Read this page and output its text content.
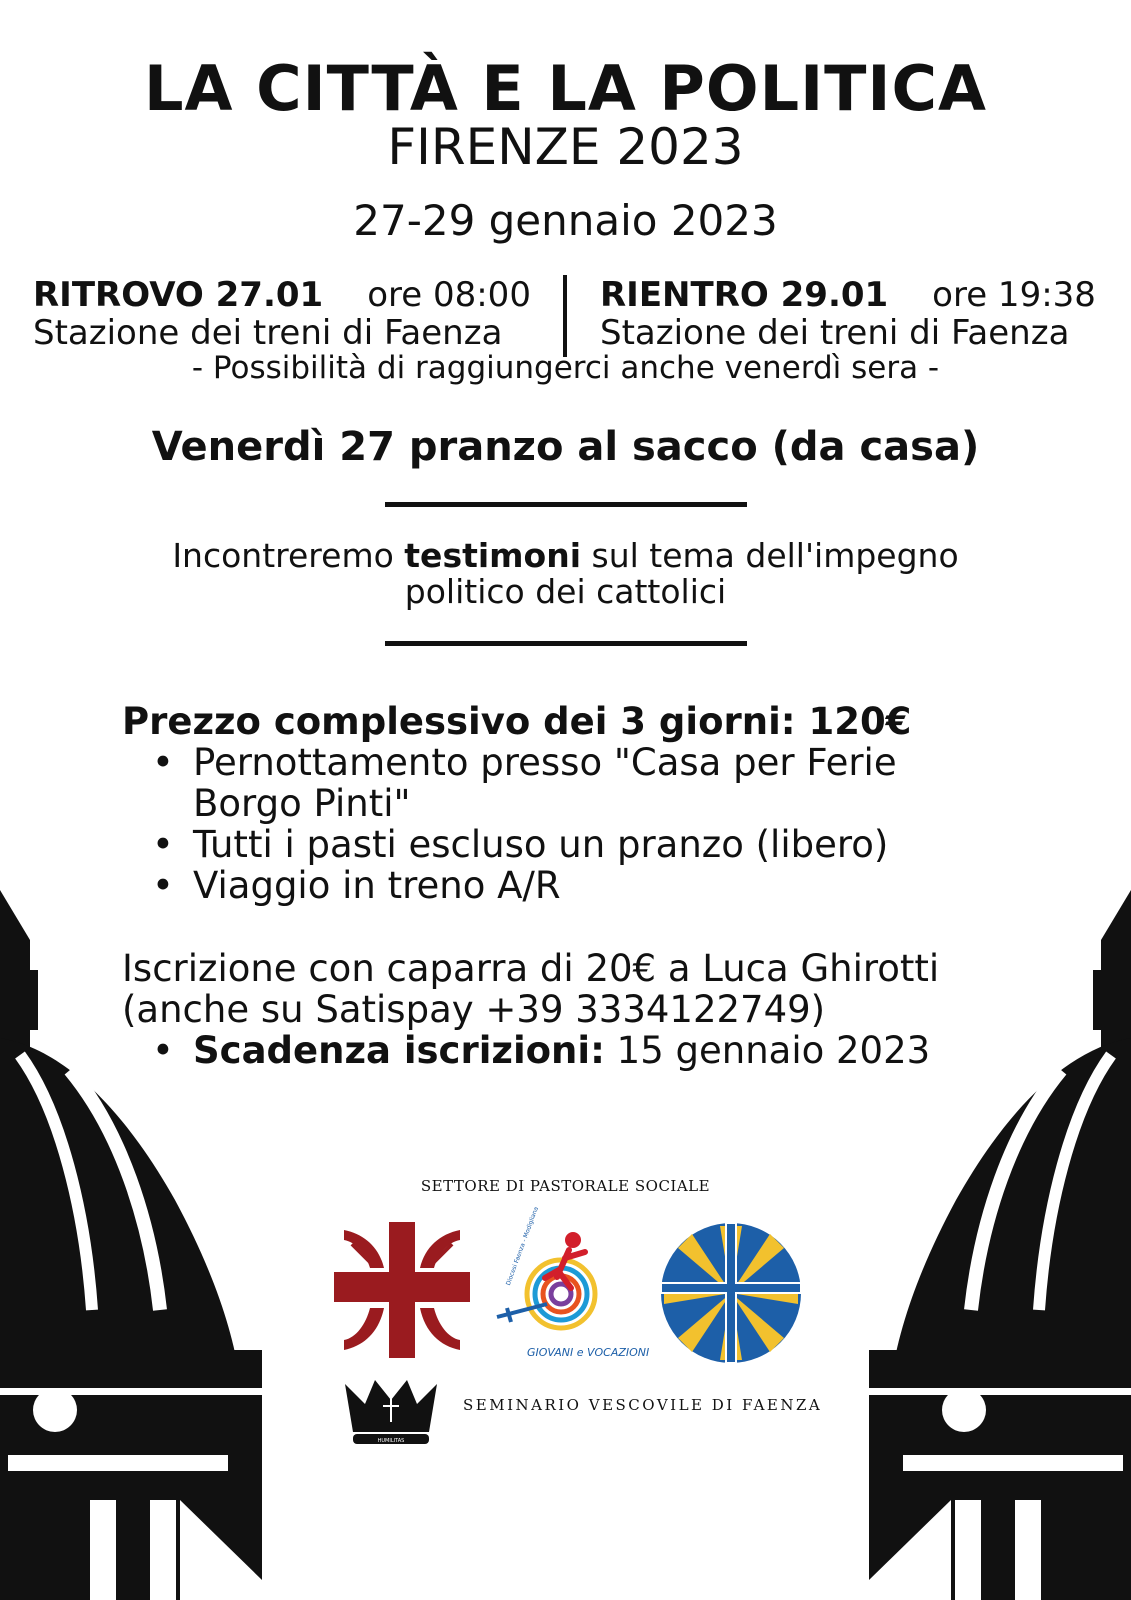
LA CITTÀ E LA POLITICA
FIRENZE 2023
27-29 gennaio 2023
RITROVO 27.01 ore 08:00
Stazione dei treni di Faenza
RIENTRO 29.01 ore 19:38
Stazione dei treni di Faenza
- Possibilità di raggiungerci anche venerdì sera -
Venerdì 27 pranzo al sacco (da casa)
Incontreremo testimoni sul tema dell'impegno
politico dei cattolici
Prezzo complessivo dei 3 giorni: 120€
• Pernottamento presso "Casa per Ferie Borgo Pinti"
• Tutti i pasti escluso un pranzo (libero)
• Viaggio in treno A/R
Iscrizione con caparra di 20€ a Luca Ghirotti
(anche su Satispay +39 3334122749)
• Scadenza iscrizioni: 15 gennaio 2023
SETTORE DI PASTORALE SOCIALE
GIOVANI e VOCAZIONI
Diocesi Faenza - Modigliana
HUMILITAS
SEMINARIO VESCOVILE DI FAENZA
